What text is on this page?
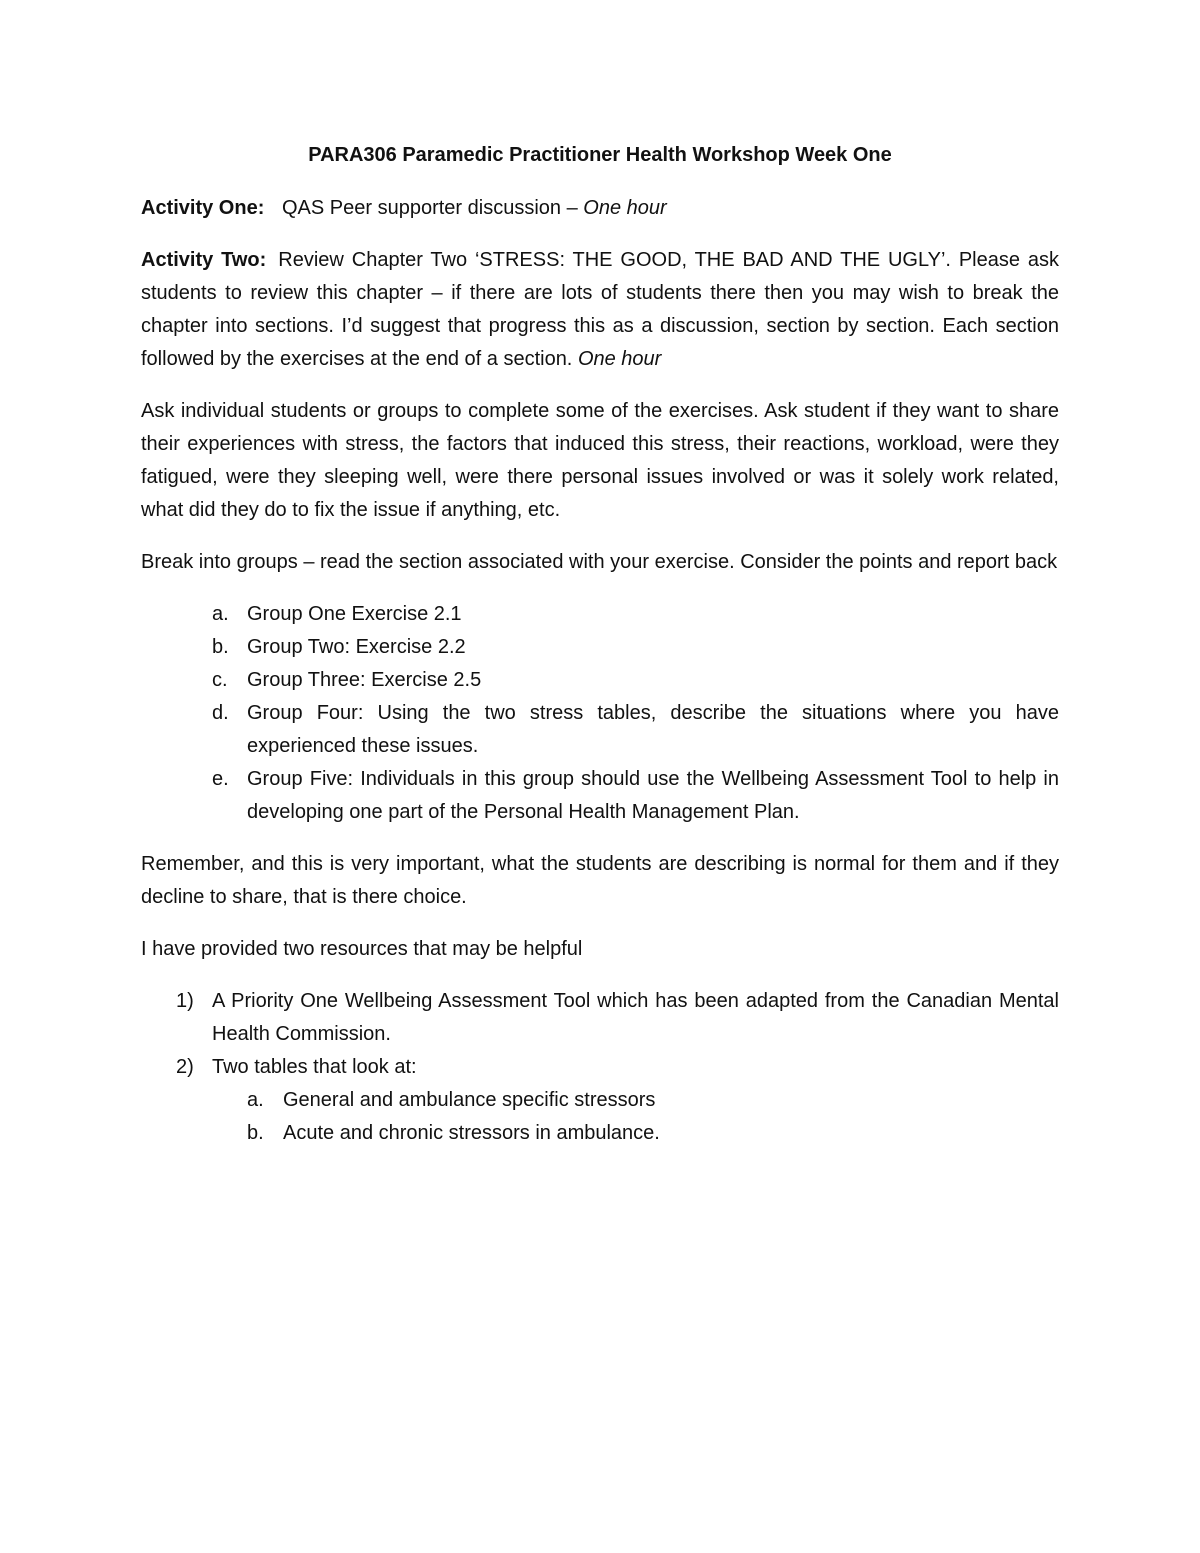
PARA306 Paramedic Practitioner Health Workshop Week One

Activity One: QAS Peer supporter discussion – One hour

Activity Two: Review Chapter Two ‘STRESS: THE GOOD, THE BAD AND THE UGLY’. Please ask students to review this chapter – if there are lots of students there then you may wish to break the chapter into sections. I’d suggest that progress this as a discussion, section by section. Each section followed by the exercises at the end of a section. One hour

Ask individual students or groups to complete some of the exercises. Ask student if they want to share their experiences with stress, the factors that induced this stress, their reactions, workload, were they fatigued, were they sleeping well, were there personal issues involved or was it solely work related, what did they do to fix the issue if anything, etc.

Break into groups – read the section associated with your exercise. Consider the points and report back

a. Group One Exercise 2.1
b. Group Two: Exercise 2.2
c. Group Three: Exercise 2.5
d. Group Four: Using the two stress tables, describe the situations where you have experienced these issues.
e. Group Five: Individuals in this group should use the Wellbeing Assessment Tool to help in developing one part of the Personal Health Management Plan.

Remember, and this is very important, what the students are describing is normal for them and if they decline to share, that is there choice.

I have provided two resources that may be helpful

1) A Priority One Wellbeing Assessment Tool which has been adapted from the Canadian Mental Health Commission.
2) Two tables that look at:
a. General and ambulance specific stressors
b. Acute and chronic stressors in ambulance.
